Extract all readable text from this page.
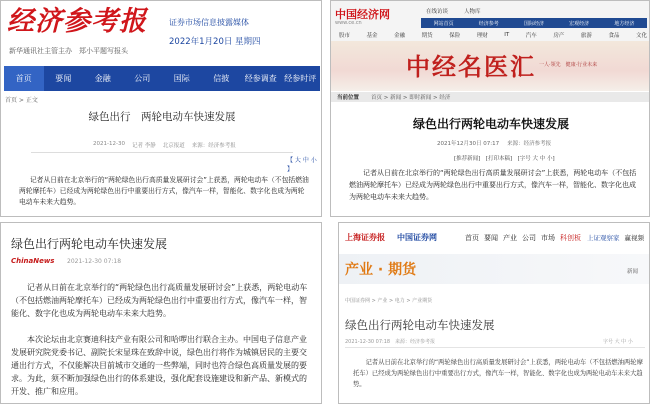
经济参考报
新华通讯社主管主办　郑小平题写报头
证券市场信息披露媒体
2022年1月20日 星期四
首页	要闻	金融	公司	国际	信披	经参调查 经参时评
首页 > 正文
绿色出行　两轮电动车快速发展
2021-12-30 记者 李静 北京报道 来源：经济参考报
【 大 中 小 】

记者从日前在北京举行的“两轮绿色出行高质量发展研讨会”上获悉，两轮电动车（不包括燃油两轮摩托车）已经成为两轮绿色出行中重要出行方式，像汽车一样，智能化、数字化也成为两轮电动车未来大趋势。

中国经济网
www.ce.cn
在线访谈	人物库
网站首页	经济参考	国际经济	宏观经济	地方经济
股市	基金	金融	期货	保险	理财	IT	汽车	房产	旅游	食品	文化
中经名医汇 一人·领先　健康·行业未来
当前位置 首页 > 新闻 > 即时新闻 > 经济
绿色出行两轮电动车快速发展
2021年12月30日 07:17 来源：经济参考报
[推荐新闻]　[打印本稿]　[字号 大 中 小]

记者从日前在北京举行的“两轮绿色出行高质量发展研讨会”上获悉，两轮电动车（不包括燃油两轮摩托车）已经成为两轮绿色出行中重要出行方式，像汽车一样，智能化、数字化也成为两轮电动车未来大趋势。

绿色出行两轮电动车快速发展
ChinaNews 2021-12-30 07:18

记者从日前在北京举行的“两轮绿色出行高质量发展研讨会”上获悉，两轮电动车（不包括燃油两轮摩托车）已经成为两轮绿色出行中重要出行方式，像汽车一样，智能化、数字化也成为两轮电动车未来大趋势。

本次论坛由北京赛迪科技产业有限公司和哈啰出行联合主办。中国电子信息产业发展研究院党委书记、副院长宋显珠在致辞中说，绿色出行将作为城镇居民的主要交通出行方式，不仅能解决目前城市交通的一些弊端，同时也符合绿色高质量发展的要求。为此，须不断加强绿色出行的体系建设，强化配套设施建设和新产品、新模式的开发、推广和应用。

上海证券报 中国证券网	首页 要闻 产业 公司 市场 科创板 上证观察家 赢视频
产业 · 期货	新闻
中国证券网 > 产业 > 电力 > 产业期货
绿色出行两轮电动车快速发展
2021-12-30 07:18　来源：经济参考报	字号 大 中 小

记者从日前在北京举行的“两轮绿色出行高质量发展研讨会”上获悉，两轮电动车（不包括燃油两轮摩托车）已经成为两轮绿色出行中重要出行方式，像汽车一样，智能化、数字化也成为两轮电动车未来大趋势。
